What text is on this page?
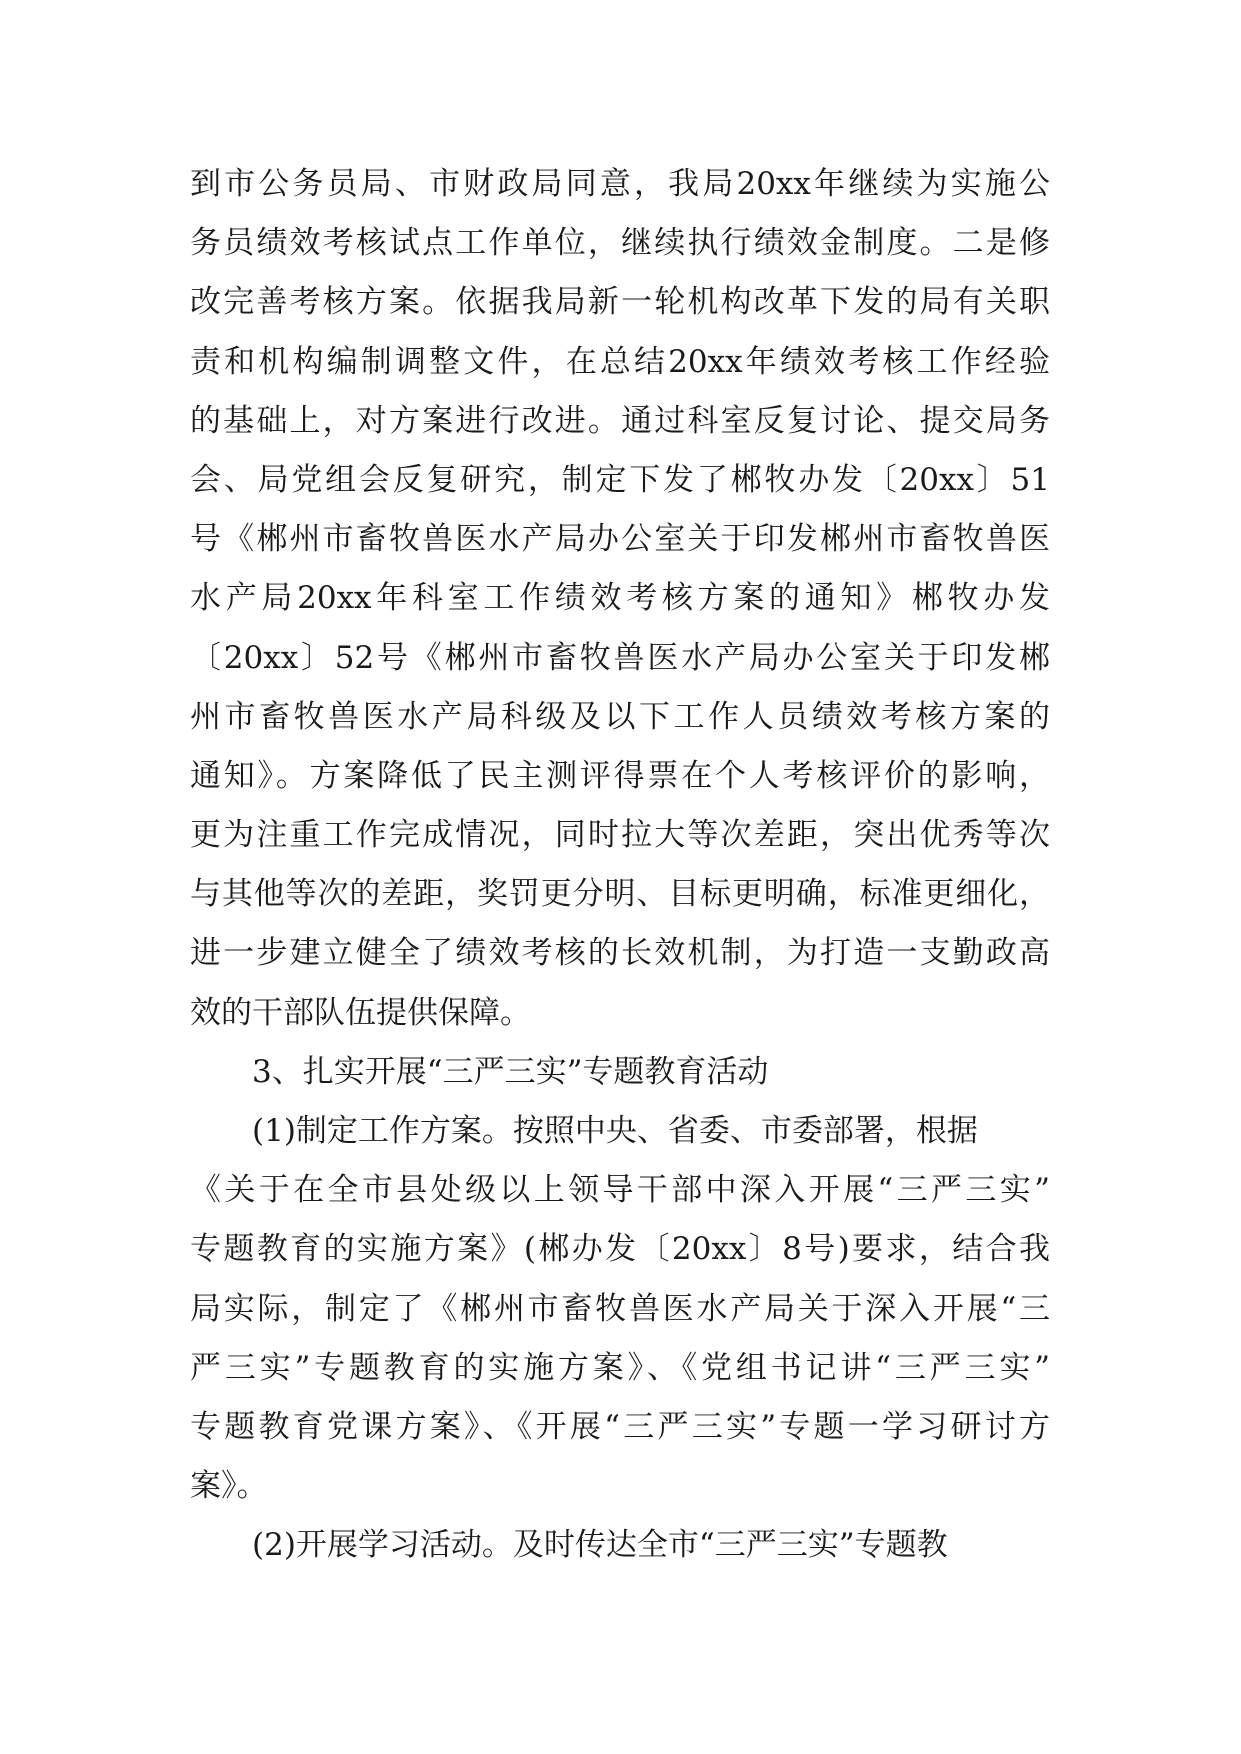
到市公务员局、市财政局同意，我局20xx年继续为实施公
务员绩效考核试点工作单位，继续执行绩效金制度。二是修
改完善考核方案。依据我局新一轮机构改革下发的局有关职
责和机构编制调整文件，在总结20xx年绩效考核工作经验
的基础上，对方案进行改进。通过科室反复讨论、提交局务
会、局党组会反复研究，制定下发了郴牧办发〔20xx〕51
号《郴州市畜牧兽医水产局办公室关于印发郴州市畜牧兽医
水产局20xx年科室工作绩效考核方案的通知》郴牧办发
〔20xx〕52号《郴州市畜牧兽医水产局办公室关于印发郴
州市畜牧兽医水产局科级及以下工作人员绩效考核方案的
通知》。方案降低了民主测评得票在个人考核评价的影响，
更为注重工作完成情况，同时拉大等次差距，突出优秀等次
与其他等次的差距，奖罚更分明、目标更明确，标准更细化，
进一步建立健全了绩效考核的长效机制，为打造一支勤政高
效的干部队伍提供保障。
3、扎实开展“三严三实”专题教育活动
(1)制定工作方案。按照中央、省委、市委部署，根据
《关于在全市县处级以上领导干部中深入开展“三严三实”
专题教育的实施方案》(郴办发〔20xx〕8号)要求，结合我
局实际，制定了《郴州市畜牧兽医水产局关于深入开展“三
严三实”专题教育的实施方案》、《党组书记讲“三严三实”
专题教育党课方案》、《开展“三严三实”专题一学习研讨方
案》。
(2)开展学习活动。及时传达全市“三严三实”专题教
